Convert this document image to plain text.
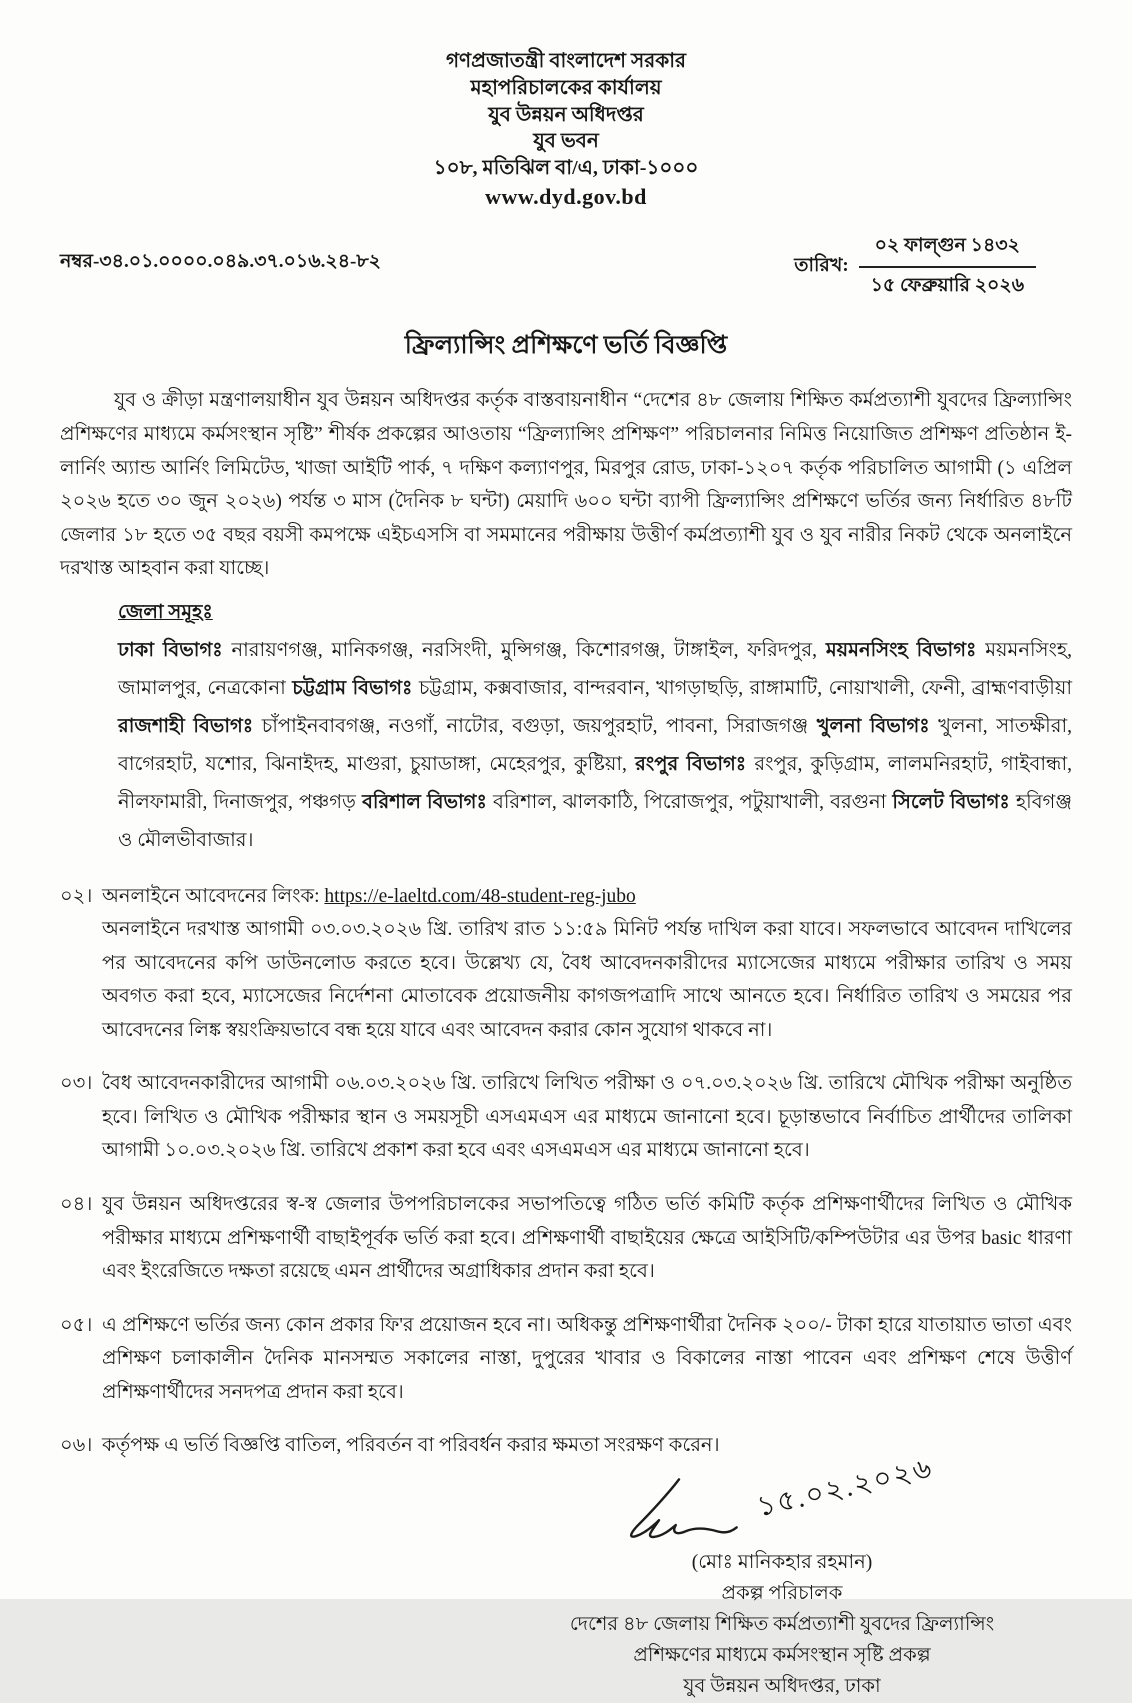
গণপ্রজাতন্ত্রী বাংলাদেশ সরকার
মহাপরিচালকের কার্যালয়
যুব উন্নয়ন অধিদপ্তর
যুব ভবন
১০৮, মতিঝিল বা/এ, ঢাকা-১০০০
www.dyd.gov.bd
নম্বর-৩৪.০১.০০০০.০৪৯.৩৭.০১৬.২৪-৮২	তারিখ:
০২ ফাল্গুন ১৪৩২
১৫ ফেব্রুয়ারি ২০২৬
ফ্রিল্যান্সিং প্রশিক্ষণে ভর্তি বিজ্ঞপ্তি

যুব ও ক্রীড়া মন্ত্রণালয়াধীন যুব উন্নয়ন অধিদপ্তর কর্তৃক বাস্তবায়নাধীন “দেশের ৪৮ জেলায় শিক্ষিত কর্মপ্রত্যাশী যুবদের ফ্রিল্যান্সিং প্রশিক্ষণের মাধ্যমে কর্মসংস্থান সৃষ্টি” শীর্ষক প্রকল্পের আওতায় “ফ্রিল্যান্সিং প্রশিক্ষণ” পরিচালনার নিমিত্ত নিয়োজিত প্রশিক্ষণ প্রতিষ্ঠান ই-লার্নিং অ্যান্ড আর্নিং লিমিটেড, খাজা আইটি পার্ক, ৭ দক্ষিণ কল্যাণপুর, মিরপুর রোড, ঢাকা-১২০৭ কর্তৃক পরিচালিত আগামী (১ এপ্রিল ২০২৬ হতে ৩০ জুন ২০২৬) পর্যন্ত ৩ মাস (দৈনিক ৮ ঘন্টা) মেয়াদি ৬০০ ঘন্টা ব্যাপী ফ্রিল্যান্সিং প্রশিক্ষণে ভর্তির জন্য নির্ধারিত ৪৮টি জেলার ১৮ হতে ৩৫ বছর বয়সী কমপক্ষে এইচএসসি বা সমমানের পরীক্ষায় উত্তীর্ণ কর্মপ্রত্যাশী যুব ও যুব নারীর নিকট থেকে অনলাইনে দরখাস্ত আহবান করা যাচ্ছে।

জেলা সমূহঃ

ঢাকা বিভাগঃ নারায়ণগঞ্জ, মানিকগঞ্জ, নরসিংদী, মুন্সিগঞ্জ, কিশোরগঞ্জ, টাঙ্গাইল, ফরিদপুর, ময়মনসিংহ বিভাগঃ ময়মনসিংহ, জামালপুর, নেত্রকোনা চট্টগ্রাম বিভাগঃ চট্টগ্রাম, কক্সবাজার, বান্দরবান, খাগড়াছড়ি, রাঙ্গামাটি, নোয়াখালী, ফেনী, ব্রাহ্মণবাড়ীয়া রাজশাহী বিভাগঃ চাঁপাইনবাবগঞ্জ, নওগাঁ, নাটোর, বগুড়া, জয়পুরহাট, পাবনা, সিরাজগঞ্জ খুলনা বিভাগঃ খুলনা, সাতক্ষীরা, বাগেরহাট, যশোর, ঝিনাইদহ, মাগুরা, চুয়াডাঙ্গা, মেহেরপুর, কুষ্টিয়া, রংপুর বিভাগঃ রংপুর, কুড়িগ্রাম, লালমনিরহাট, গাইবান্ধা, নীলফামারী, দিনাজপুর, পঞ্চগড় বরিশাল বিভাগঃ বরিশাল, ঝালকাঠি, পিরোজপুর, পটুয়াখালী, বরগুনা সিলেট বিভাগঃ হবিগঞ্জ ও মৌলভীবাজার।

০২। অনলাইনে আবেদনের লিংক: https://e-laeltd.com/48-student-reg-jubo
অনলাইনে দরখাস্ত আগামী ০৩.০৩.২০২৬ খ্রি. তারিখ রাত ১১:৫৯ মিনিট পর্যন্ত দাখিল করা যাবে। সফলভাবে আবেদন দাখিলের পর আবেদনের কপি ডাউনলোড করতে হবে। উল্লেখ্য যে, বৈধ আবেদনকারীদের ম্যাসেজের মাধ্যমে পরীক্ষার তারিখ ও সময় অবগত করা হবে, ম্যাসেজের নির্দেশনা মোতাবেক প্রয়োজনীয় কাগজপত্রাদি সাথে আনতে হবে। নির্ধারিত তারিখ ও সময়ের পর আবেদনের লিঙ্ক স্বয়ংক্রিয়ভাবে বন্ধ হয়ে যাবে এবং আবেদন করার কোন সুযোগ থাকবে না।
০৩। বৈধ আবেদনকারীদের আগামী ০৬.০৩.২০২৬ খ্রি. তারিখে লিখিত পরীক্ষা ও ০৭.০৩.২০২৬ খ্রি. তারিখে মৌখিক পরীক্ষা অনুষ্ঠিত হবে। লিখিত ও মৌখিক পরীক্ষার স্থান ও সময়সূচী এসএমএস এর মাধ্যমে জানানো হবে। চূড়ান্তভাবে নির্বাচিত প্রার্থীদের তালিকা আগামী ১০.০৩.২০২৬ খ্রি. তারিখে প্রকাশ করা হবে এবং এসএমএস এর মাধ্যমে জানানো হবে।
০৪। যুব উন্নয়ন অধিদপ্তরের স্ব-স্ব জেলার উপপরিচালকের সভাপতিত্বে গঠিত ভর্তি কমিটি কর্তৃক প্রশিক্ষণার্থীদের লিখিত ও মৌখিক পরীক্ষার মাধ্যমে প্রশিক্ষণার্থী বাছাইপূর্বক ভর্তি করা হবে। প্রশিক্ষণার্থী বাছাইয়ের ক্ষেত্রে আইসিটি/কম্পিউটার এর উপর basic ধারণা এবং ইংরেজিতে দক্ষতা রয়েছে এমন প্রার্থীদের অগ্রাধিকার প্রদান করা হবে।
০৫। এ প্রশিক্ষণে ভর্তির জন্য কোন প্রকার ফি'র প্রয়োজন হবে না। অধিকন্তু প্রশিক্ষণার্থীরা দৈনিক ২০০/- টাকা হারে যাতায়াত ভাতা এবং প্রশিক্ষণ চলাকালীন দৈনিক মানসম্মত সকালের নাস্তা, দুপুরের খাবার ও বিকালের নাস্তা পাবেন এবং প্রশিক্ষণ শেষে উত্তীর্ণ প্রশিক্ষণার্থীদের সনদপত্র প্রদান করা হবে।
০৬। কর্তৃপক্ষ এ ভর্তি বিজ্ঞপ্তি বাতিল, পরিবর্তন বা পরিবর্ধন করার ক্ষমতা সংরক্ষণ করেন।
১৫.০২.২০২৬
(মোঃ মানিকহার রহমান)
প্রকল্প পরিচালক
দেশের ৪৮ জেলায় শিক্ষিত কর্মপ্রত্যাশী যুবদের ফ্রিল্যান্সিং
প্রশিক্ষণের মাধ্যমে কর্মসংস্থান সৃষ্টি প্রকল্প
যুব উন্নয়ন অধিদপ্তর, ঢাকা
